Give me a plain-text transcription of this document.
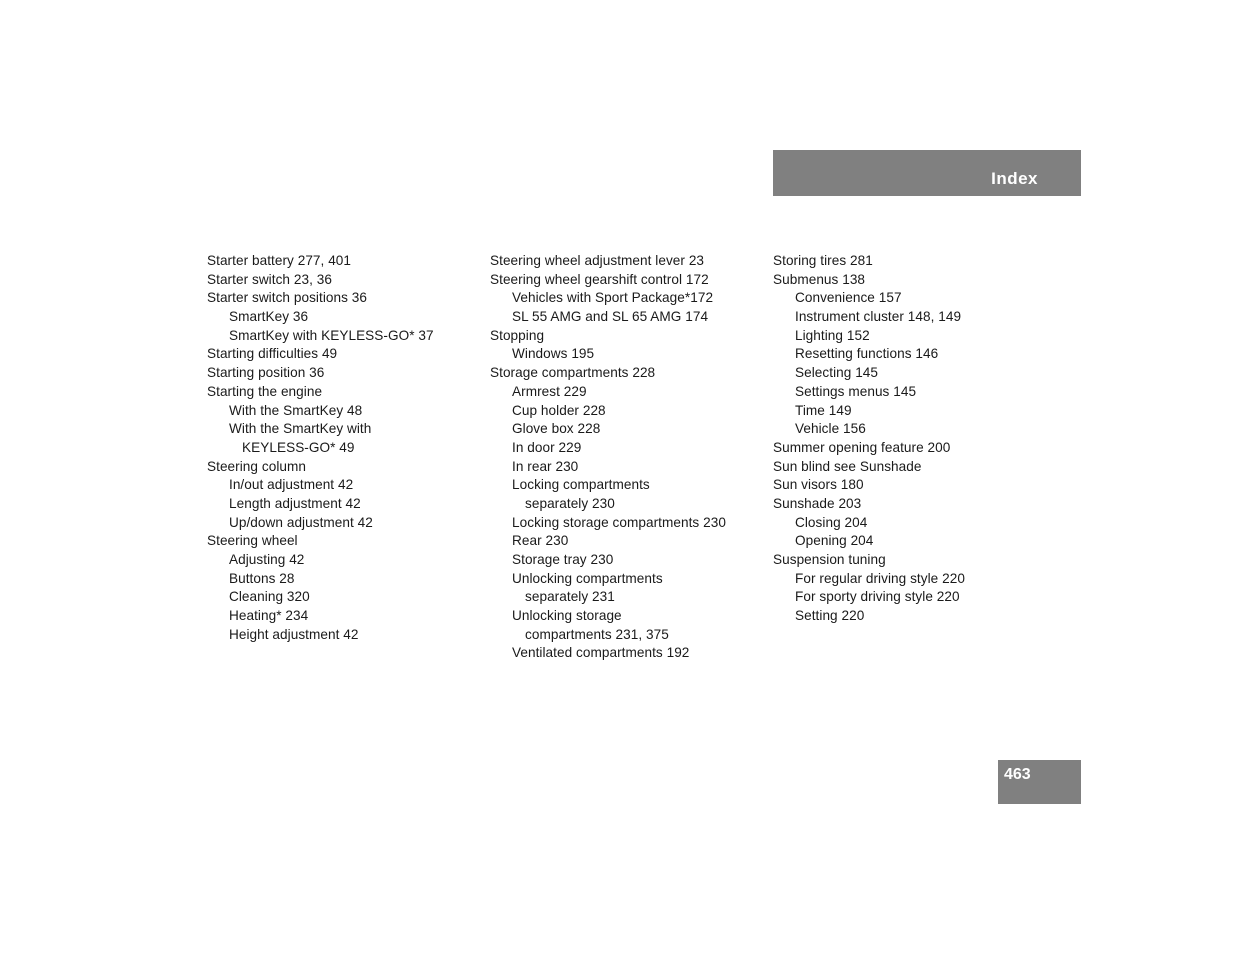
Index
Starter battery 277, 401
Starter switch 23, 36
Starter switch positions 36
SmartKey 36
SmartKey with KEYLESS-GO* 37
Starting difficulties 49
Starting position 36
Starting the engine
With the SmartKey 48
With the SmartKey with
KEYLESS-GO* 49
Steering column
In/out adjustment 42
Length adjustment 42
Up/down adjustment 42
Steering wheel
Adjusting 42
Buttons 28
Cleaning 320
Heating* 234
Height adjustment 42
Steering wheel adjustment lever 23
Steering wheel gearshift control 172
Vehicles with Sport Package*172
SL 55 AMG and SL 65 AMG 174
Stopping
Windows 195
Storage compartments 228
Armrest 229
Cup holder 228
Glove box 228
In door 229
In rear 230
Locking compartments
separately 230
Locking storage compartments 230
Rear 230
Storage tray 230
Unlocking compartments
separately 231
Unlocking storage
compartments 231, 375
Ventilated compartments 192
Storing tires 281
Submenus 138
Convenience 157
Instrument cluster 148, 149
Lighting 152
Resetting functions 146
Selecting 145
Settings menus 145
Time 149
Vehicle 156
Summer opening feature 200
Sun blind see Sunshade
Sun visors 180
Sunshade 203
Closing 204
Opening 204
Suspension tuning
For regular driving style 220
For sporty driving style 220
Setting 220
463
